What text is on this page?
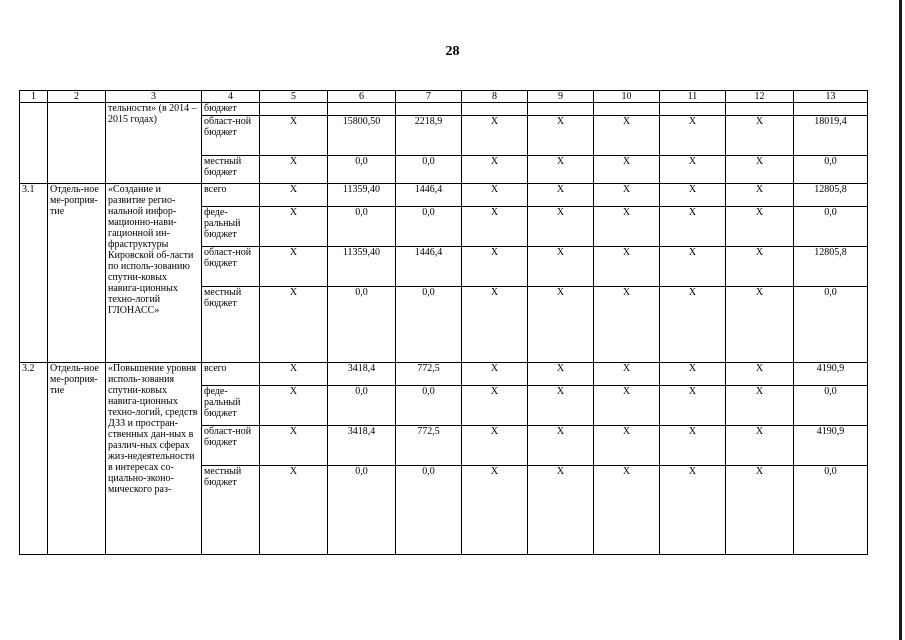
28
1	2	3	4	5	6	7	8	9	10	11	12	13
		тельности» (в 2014 – 2015 годах)	бюджет									
			област-ной бюджет	X	15800,50	2218,9	X	X	X	X	X	18019,4
			местный бюджет	X	0,0	0,0	X	X	X	X	X	0,0
3.1	Отдель-ное ме-роприя-тие	«Создание и развитие регио-нальной инфор-мационно-нави-гационной ин-фраструктуры Кировской об-ласти по исполь-зованию спутни-ковых навига-ционных техно-логий ГЛОНАСС»	всего	X	11359,40	1446,4	X	X	X	X	X	12805,8
			феде-ральный бюджет	X	0,0	0,0	X	X	X	X	X	0,0
			област-ной бюджет	X	11359,40	1446,4	X	X	X	X	X	12805,8
			местный бюджет	X	0,0	0,0	X	X	X	X	X	0,0
3.2	Отдель-ное ме-роприя-тие	«Повышение уровня исполь-зования спутни-ковых навига-ционных техно-логий, средств ДЗЗ и простран-ственных дан-ных в различ-ных сферах жиз-недеятельности в интересах со-циально-эконо-мического раз-	всего	X	3418,4	772,5	X	X	X	X	X	4190,9
			феде-ральный бюджет	X	0,0	0,0	X	X	X	X	X	0,0
			област-ной бюджет	X	3418,4	772,5	X	X	X	X	X	4190,9
			местный бюджет	X	0,0	0,0	X	X	X	X	X	0,0
